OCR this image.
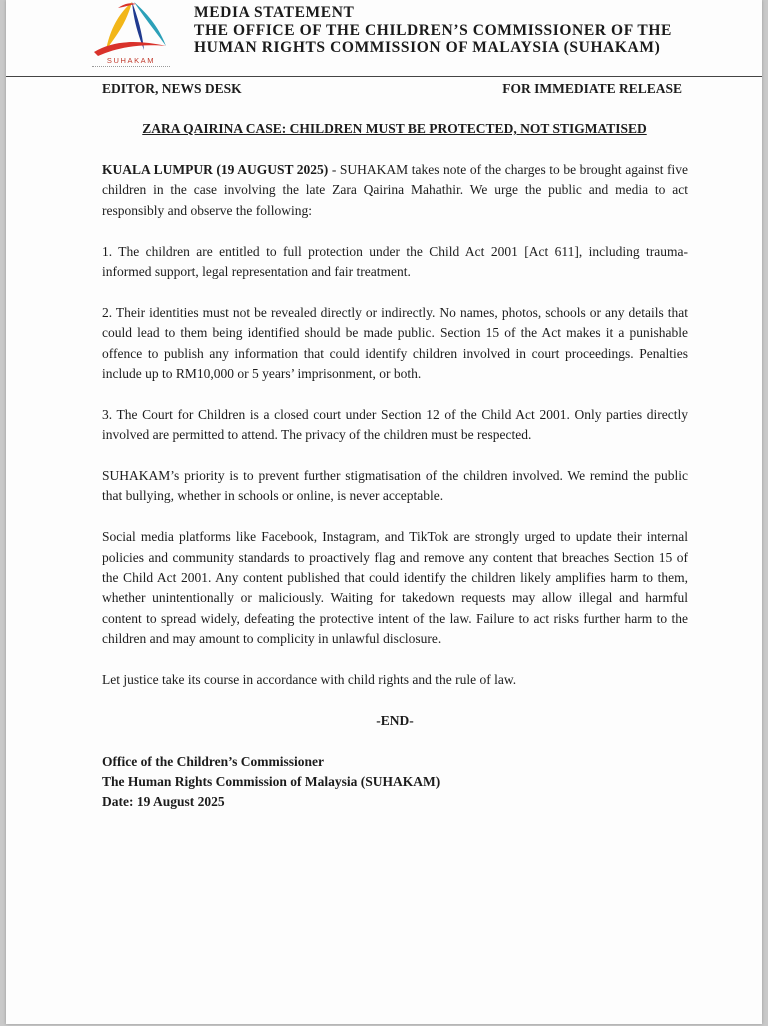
SUHAKAM
MEDIA STATEMENT
THE OFFICE OF THE CHILDREN’S COMMISSIONER OF THE
HUMAN RIGHTS COMMISSION OF MALAYSIA (SUHAKAM)
EDITOR, NEWS DESK	FOR IMMEDIATE RELEASE
ZARA QAIRINA CASE: CHILDREN MUST BE PROTECTED, NOT STIGMATISED

KUALA LUMPUR (19 AUGUST 2025) - SUHAKAM takes note of the charges to be brought against five children in the case involving the late Zara Qairina Mahathir. We urge the public and media to act responsibly and observe the following:

1. The children are entitled to full protection under the Child Act 2001 [Act 611], including trauma-informed support, legal representation and fair treatment.

2. Their identities must not be revealed directly or indirectly. No names, photos, schools or any details that could lead to them being identified should be made public. Section 15 of the Act makes it a punishable offence to publish any information that could identify children involved in court proceedings. Penalties include up to RM10,000 or 5 years’ imprisonment, or both.

3. The Court for Children is a closed court under Section 12 of the Child Act 2001. Only parties directly involved are permitted to attend. The privacy of the children must be respected.

SUHAKAM’s priority is to prevent further stigmatisation of the children involved. We remind the public that bullying, whether in schools or online, is never acceptable.

Social media platforms like Facebook, Instagram, and TikTok are strongly urged to update their internal policies and community standards to proactively flag and remove any content that breaches Section 15 of the Child Act 2001. Any content published that could identify the children likely amplifies harm to them, whether unintentionally or maliciously. Waiting for takedown requests may allow illegal and harmful content to spread widely, defeating the protective intent of the law. Failure to act risks further harm to the children and may amount to complicity in unlawful disclosure.

Let justice take its course in accordance with child rights and the rule of law.

-END-
Office of the Children’s Commissioner
The Human Rights Commission of Malaysia (SUHAKAM)
Date: 19 August 2025
